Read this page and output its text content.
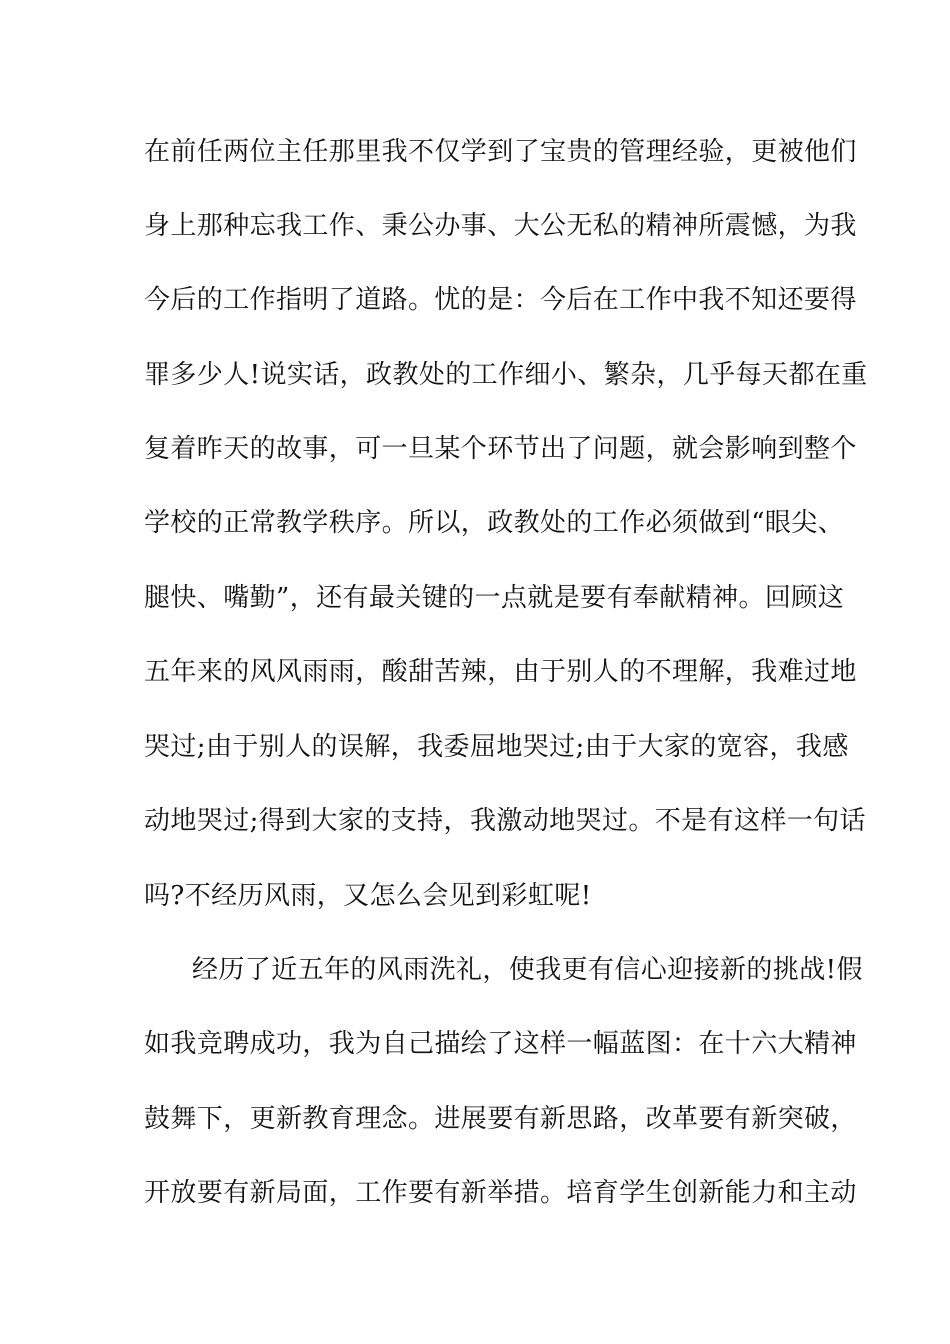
在前任两位主任那里我不仅学到了宝贵的管理经验，更被他们
身上那种忘我工作、秉公办事、大公无私的精神所震憾，为我
今后的工作指明了道路。忧的是：今后在工作中我不知还要得
罪多少人!说实话，政教处的工作细小、繁杂，几乎每天都在重
复着昨天的故事，可一旦某个环节出了问题，就会影响到整个
学校的正常教学秩序。所以，政教处的工作必须做到“眼尖、
腿快、嘴勤”，还有最关键的一点就是要有奉献精神。回顾这
五年来的风风雨雨，酸甜苦辣，由于别人的不理解，我难过地
哭过;由于别人的误解，我委屈地哭过;由于大家的宽容，我感
动地哭过;得到大家的支持，我激动地哭过。不是有这样一句话
吗?不经历风雨，又怎么会见到彩虹呢!
经历了近五年的风雨洗礼，使我更有信心迎接新的挑战!假
如我竞聘成功，我为自己描绘了这样一幅蓝图：在十六大精神
鼓舞下，更新教育理念。进展要有新思路，改革要有新突破，
开放要有新局面，工作要有新举措。培育学生创新能力和主动
